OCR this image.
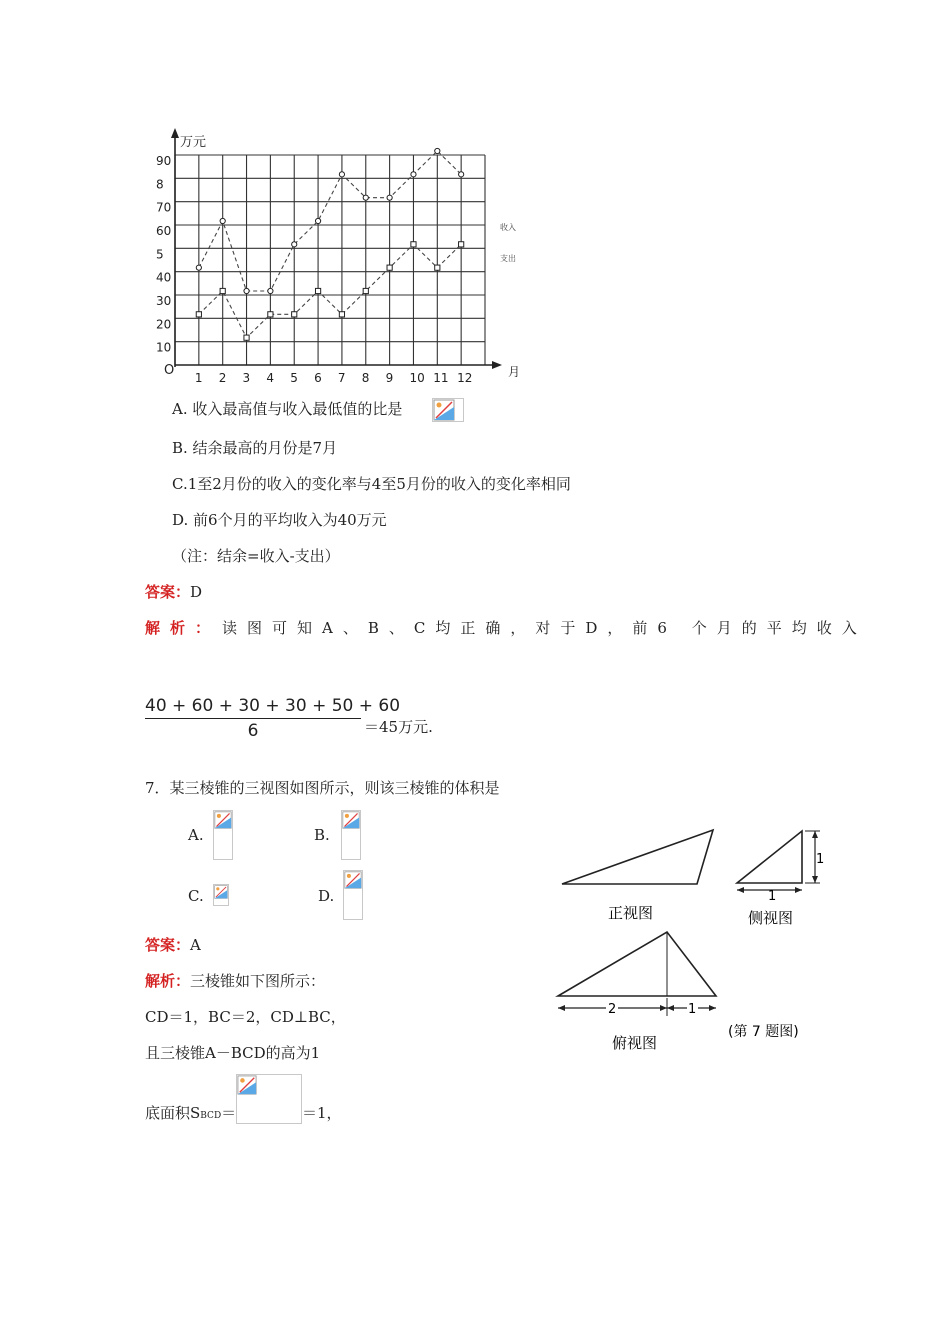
90
8
70
60
5
40
30
20
10
1 2 3 4 5 6 7 8 9 10 11 12
O
万元
月
收入
支出
A. 收入最高值与收入最低值的比是
B. 结余最高的月份是7月
C.1至2月份的收入的变化率与4至5月份的收入的变化率相同
D. 前6个月的平均收入为40万元
（注：结余=收入-支出）
答案：D
解析： 读图可知A、B、C均正确，对于D，前6 个月的平均收入
40 + 60 + 30 + 30 + 50 + 60
6	＝45万元.
7．某三棱锥的三视图如图所示，则该三棱锥的体积是
A.	B.
C.	D.
答案：A
解析：三棱锥如下图所示：
CD＝1，BC＝2，CD⊥BC，
且三棱锥A－BCD的高为1
底面积SBCD＝	＝1，
1
1
2	1
正视图	侧视图
俯视图
(第 7 题图)
